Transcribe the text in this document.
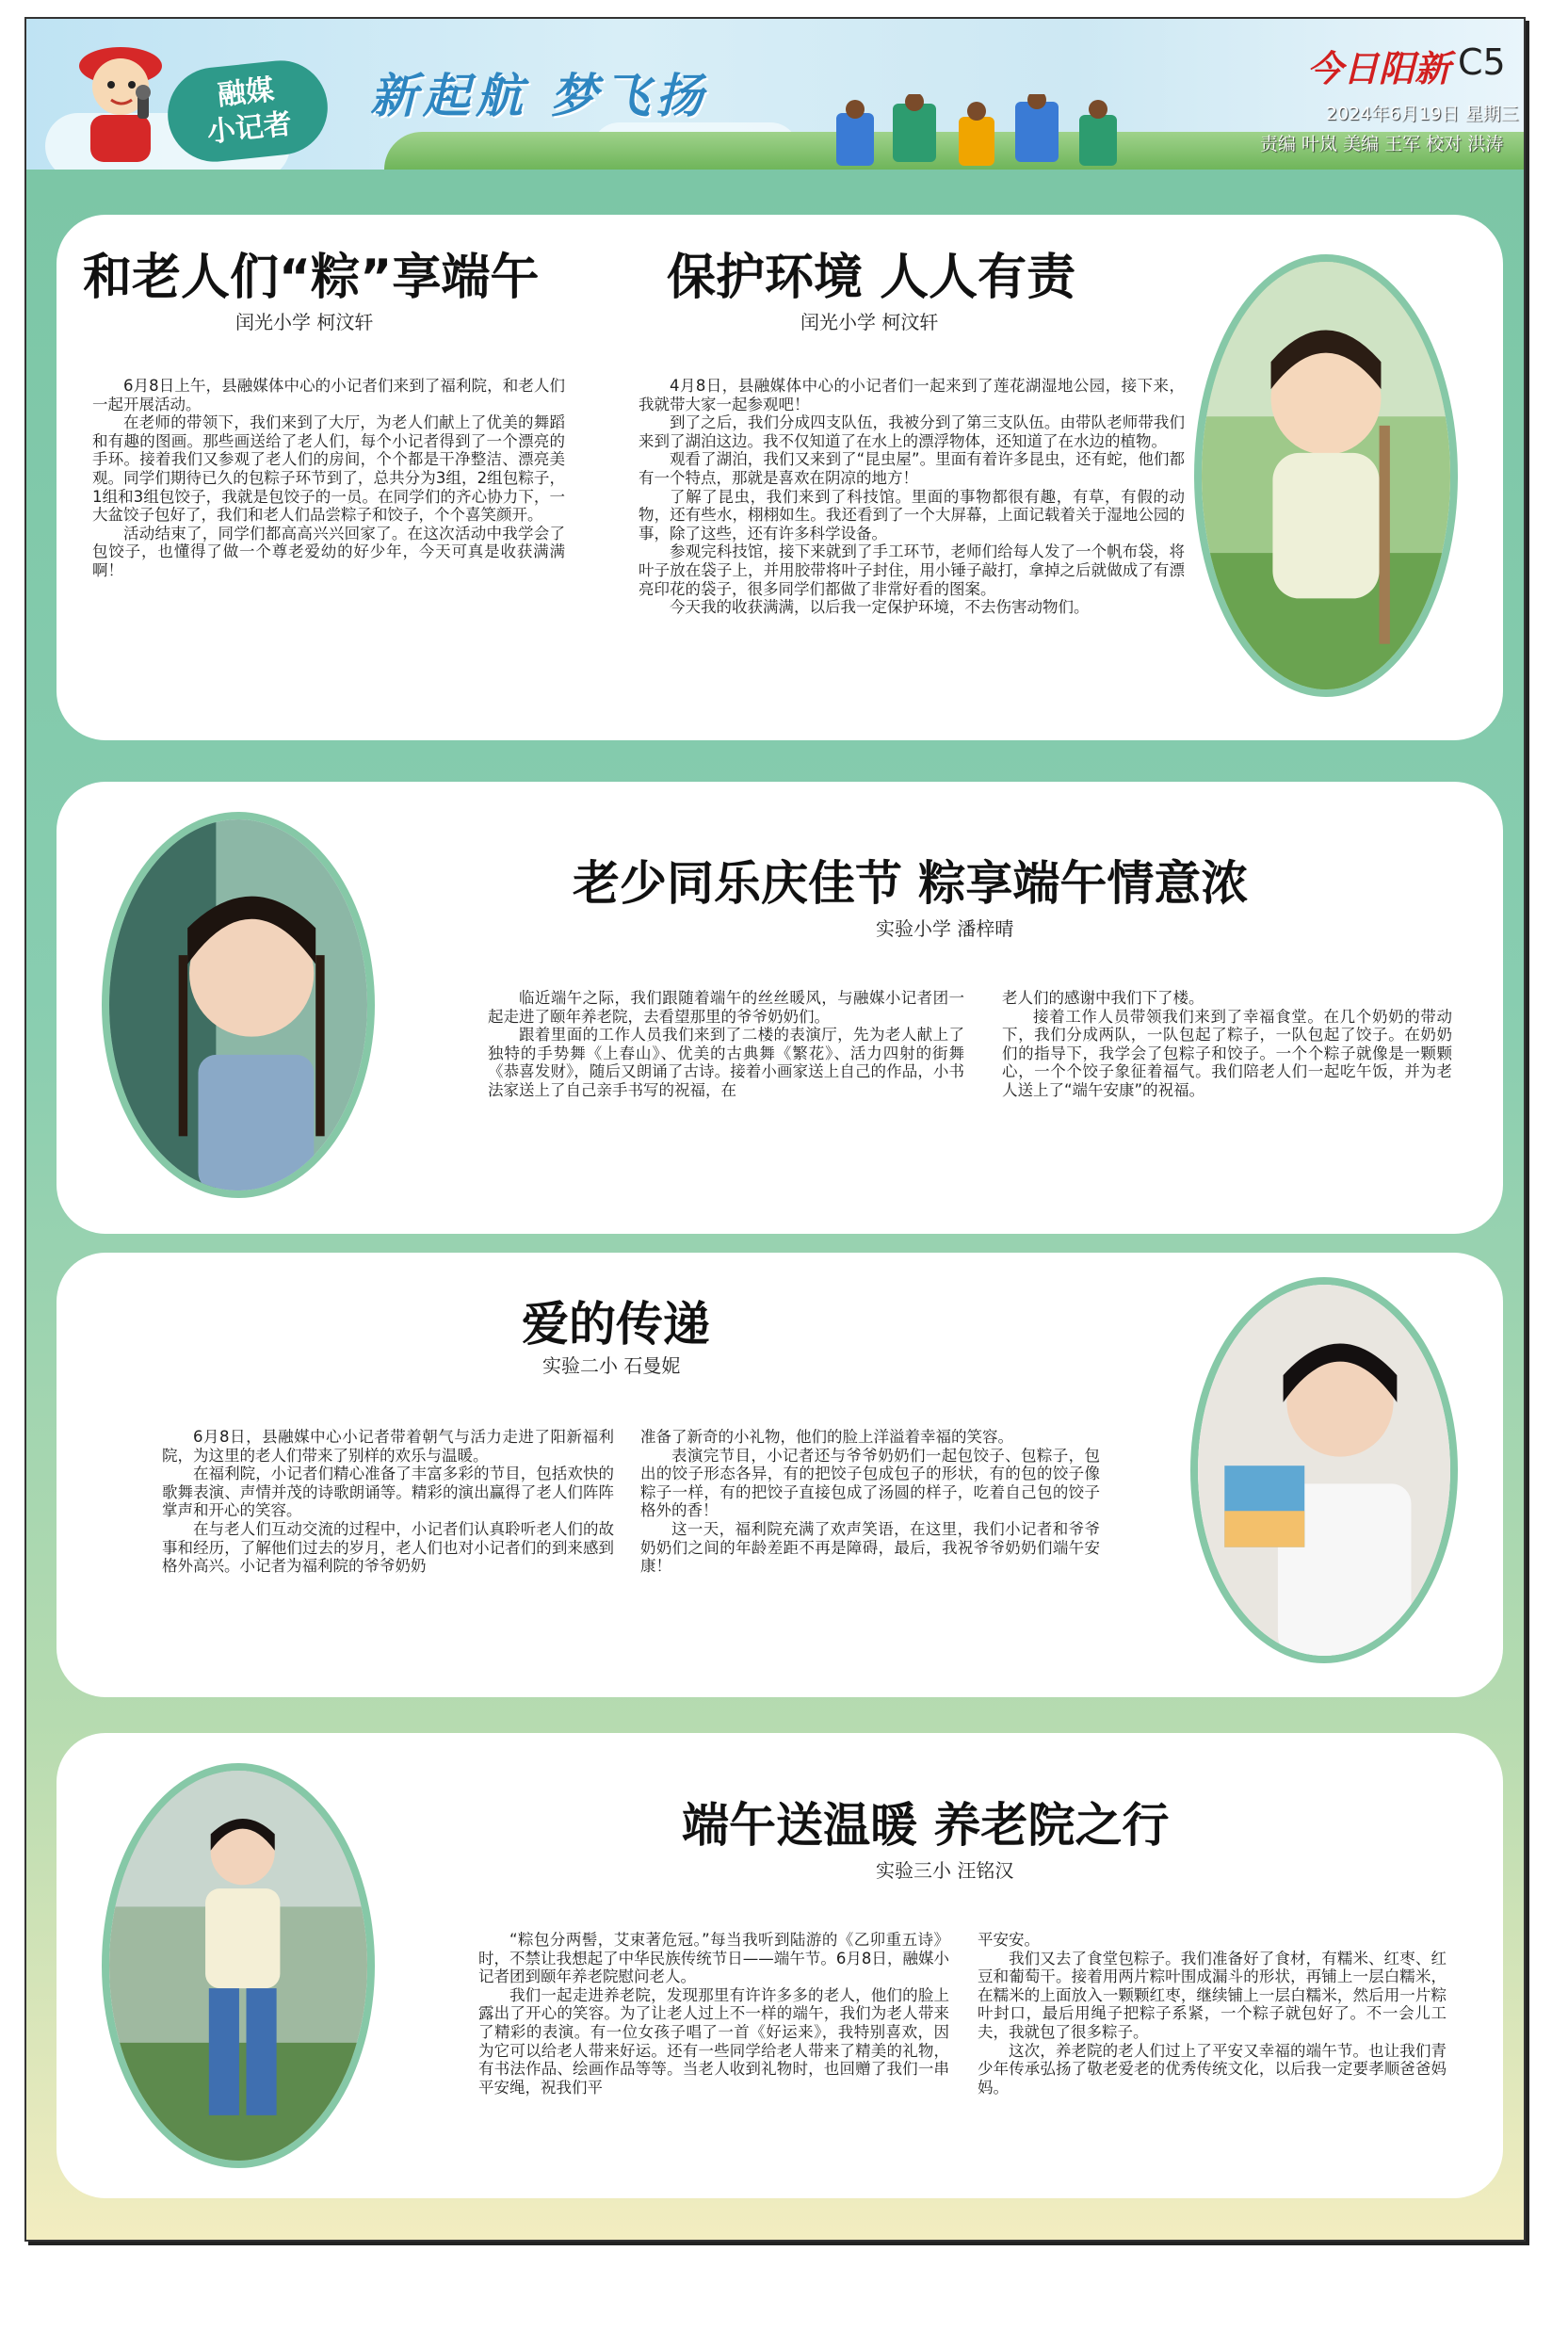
融媒
小记者
新起航 梦飞扬
今日阳新 C5
2024年6月19日 星期三
责编 叶岚 美编 王军 校对 洪涛
和老人们“粽”享端午
闰光小学 柯汶轩

6月8日上午，县融媒体中心的小记者们来到了福利院，和老人们一起开展活动。

在老师的带领下，我们来到了大厅，为老人们献上了优美的舞蹈和有趣的图画。那些画送给了老人们，每个小记者得到了一个漂亮的手环。接着我们又参观了老人们的房间，个个都是干净整洁、漂亮美观。同学们期待已久的包粽子环节到了，总共分为3组，2组包粽子，1组和3组包饺子，我就是包饺子的一员。在同学们的齐心协力下，一大盆饺子包好了，我们和老人们品尝粽子和饺子，个个喜笑颜开。

活动结束了，同学们都高高兴兴回家了。在这次活动中我学会了包饺子，也懂得了做一个尊老爱幼的好少年，今天可真是收获满满啊！

保护环境 人人有责
闰光小学 柯汶轩

4月8日，县融媒体中心的小记者们一起来到了莲花湖湿地公园，接下来，我就带大家一起参观吧！

到了之后，我们分成四支队伍，我被分到了第三支队伍。由带队老师带我们来到了湖泊这边。我不仅知道了在水上的漂浮物体，还知道了在水边的植物。

观看了湖泊，我们又来到了“昆虫屋”。里面有着许多昆虫，还有蛇，他们都有一个特点，那就是喜欢在阴凉的地方！

了解了昆虫，我们来到了科技馆。里面的事物都很有趣，有草，有假的动物，还有些水，栩栩如生。我还看到了一个大屏幕，上面记载着关于湿地公园的事，除了这些，还有许多科学设备。

参观完科技馆，接下来就到了手工环节，老师们给每人发了一个帆布袋，将叶子放在袋子上，并用胶带将叶子封住，用小锤子敲打，拿掉之后就做成了有漂亮印花的袋子，很多同学们都做了非常好看的图案。

今天我的收获满满，以后我一定保护环境，不去伤害动物们。

老少同乐庆佳节 粽享端午情意浓
实验小学 潘梓晴

临近端午之际，我们跟随着端午的丝丝暖风，与融媒小记者团一起走进了颐年养老院，去看望那里的爷爷奶奶们。

跟着里面的工作人员我们来到了二楼的表演厅，先为老人献上了独特的手势舞《上春山》、优美的古典舞《繁花》、活力四射的街舞《恭喜发财》，随后又朗诵了古诗。接着小画家送上自己的作品，小书法家送上了自己亲手书写的祝福，在

老人们的感谢中我们下了楼。

接着工作人员带领我们来到了幸福食堂。在几个奶奶的带动下，我们分成两队，一队包起了粽子，一队包起了饺子。在奶奶们的指导下，我学会了包粽子和饺子。一个个粽子就像是一颗颗心，一个个饺子象征着福气。我们陪老人们一起吃午饭，并为老人送上了“端午安康”的祝福。

爱的传递
实验二小 石曼妮

6月8日，县融媒中心小记者带着朝气与活力走进了阳新福利院，为这里的老人们带来了别样的欢乐与温暖。

在福利院，小记者们精心准备了丰富多彩的节目，包括欢快的歌舞表演、声情并茂的诗歌朗诵等。精彩的演出赢得了老人们阵阵掌声和开心的笑容。

在与老人们互动交流的过程中，小记者们认真聆听老人们的故事和经历，了解他们过去的岁月，老人们也对小记者们的到来感到格外高兴。小记者为福利院的爷爷奶奶

准备了新奇的小礼物，他们的脸上洋溢着幸福的笑容。

表演完节目，小记者还与爷爷奶奶们一起包饺子、包粽子，包出的饺子形态各异，有的把饺子包成包子的形状，有的包的饺子像粽子一样，有的把饺子直接包成了汤圆的样子，吃着自己包的饺子格外的香！

这一天，福利院充满了欢声笑语，在这里，我们小记者和爷爷奶奶们之间的年龄差距不再是障碍，最后，我祝爷爷奶奶们端午安康！

端午送温暖 养老院之行
实验三小 汪铭汉

“粽包分两髻，艾束著危冠。”每当我听到陆游的《乙卯重五诗》时，不禁让我想起了中华民族传统节日——端午节。6月8日，融媒小记者团到颐年养老院慰问老人。

我们一起走进养老院，发现那里有许许多多的老人，他们的脸上露出了开心的笑容。为了让老人过上不一样的端午，我们为老人带来了精彩的表演。有一位女孩子唱了一首《好运来》，我特别喜欢，因为它可以给老人带来好运。还有一些同学给老人带来了精美的礼物，有书法作品、绘画作品等等。当老人收到礼物时，也回赠了我们一串平安绳，祝我们平

平安安。

我们又去了食堂包粽子。我们准备好了食材，有糯米、红枣、红豆和葡萄干。接着用两片粽叶围成漏斗的形状，再铺上一层白糯米，在糯米的上面放入一颗颗红枣，继续铺上一层白糯米，然后用一片粽叶封口，最后用绳子把粽子系紧，一个粽子就包好了。不一会儿工夫，我就包了很多粽子。

这次，养老院的老人们过上了平安又幸福的端午节。也让我们青少年传承弘扬了敬老爱老的优秀传统文化，以后我一定要孝顺爸爸妈妈。
